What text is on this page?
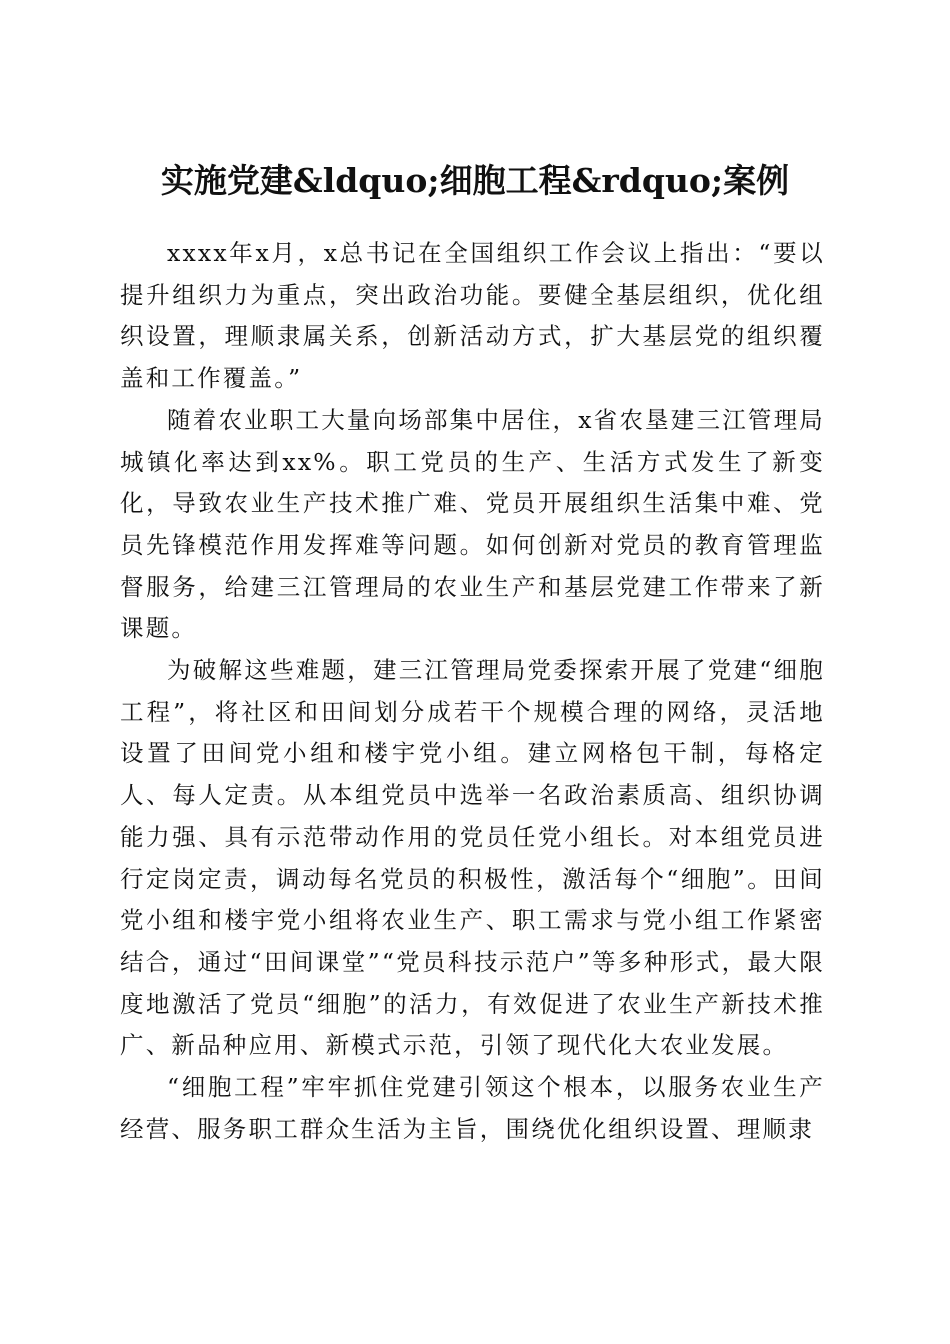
实施党建&ldquo;细胞工程&rdquo;案例

xxxx年x月，x总书记在全国组织工作会议上指出：“要以提升组织力为重点，突出政治功能。要健全基层组织，优化组织设置，理顺隶属关系，创新活动方式，扩大基层党的组织覆盖和工作覆盖。”

随着农业职工大量向场部集中居住，x省农垦建三江管理局城镇化率达到xx%。职工党员的生产、生活方式发生了新变化，导致农业生产技术推广难、党员开展组织生活集中难、党员先锋模范作用发挥难等问题。如何创新对党员的教育管理监督服务，给建三江管理局的农业生产和基层党建工作带来了新课题。

为破解这些难题，建三江管理局党委探索开展了党建“细胞工程”，将社区和田间划分成若干个规模合理的网络，灵活地设置了田间党小组和楼宇党小组。建立网格包干制，每格定人、每人定责。从本组党员中选举一名政治素质高、组织协调能力强、具有示范带动作用的党员任党小组长。对本组党员进行定岗定责，调动每名党员的积极性，激活每个“细胞”。田间党小组和楼宇党小组将农业生产、职工需求与党小组工作紧密结合，通过“田间课堂”“党员科技示范户”等多种形式，最大限度地激活了党员“细胞”的活力，有效促进了农业生产新技术推广、新品种应用、新模式示范，引领了现代化大农业发展。

“细胞工程”牢牢抓住党建引领这个根本，以服务农业生产经营、服务职工群众生活为主旨，围绕优化组织设置、理顺隶
